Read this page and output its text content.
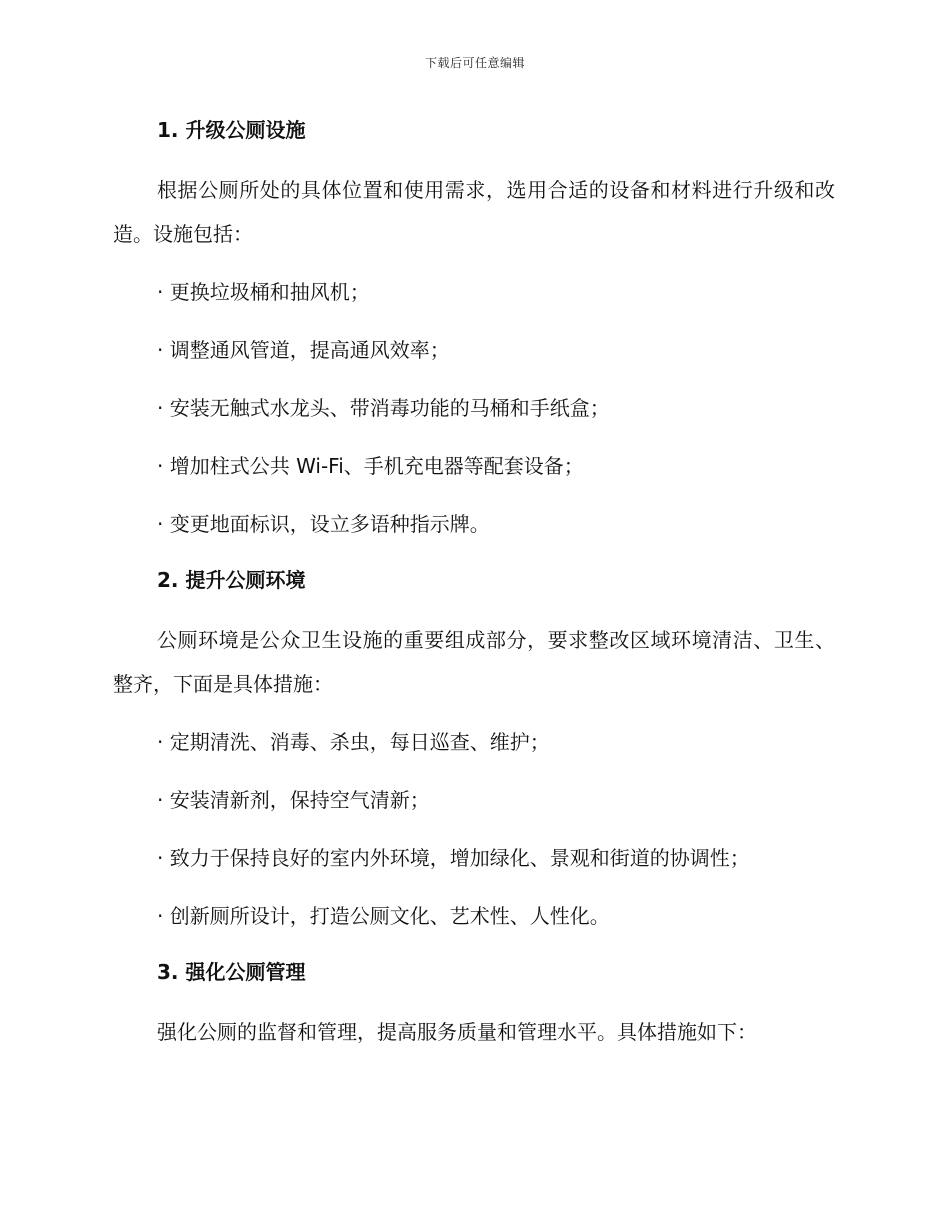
下载后可任意编辑
1. 升级公厕设施

根据公厕所处的具体位置和使用需求，选用合适的设备和材料进行升级和改造。设施包括：

· 更换垃圾桶和抽风机；
· 调整通风管道，提高通风效率；
· 安装无触式水龙头、带消毒功能的马桶和手纸盒；
· 增加柱式公共 Wi-Fi、手机充电器等配套设备；
· 变更地面标识，设立多语种指示牌。
2. 提升公厕环境

公厕环境是公众卫生设施的重要组成部分，要求整改区域环境清洁、卫生、整齐，下面是具体措施：

· 定期清洗、消毒、杀虫，每日巡查、维护；
· 安装清新剂，保持空气清新；
· 致力于保持良好的室内外环境，增加绿化、景观和街道的协调性；
· 创新厕所设计，打造公厕文化、艺术性、人性化。
3. 强化公厕管理

强化公厕的监督和管理，提高服务质量和管理水平。具体措施如下：
